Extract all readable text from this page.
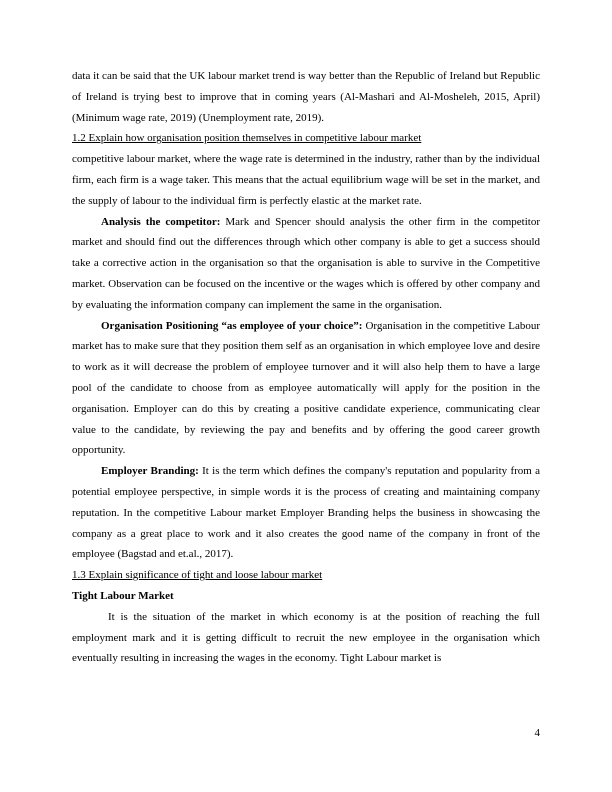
data it can be said that the UK labour market trend is way better than the Republic of Ireland but Republic of Ireland is trying best to improve that in coming years (Al-Mashari and Al-Mosheleh, 2015, April) (Minimum wage rate, 2019) (Unemployment rate, 2019).

1.2 Explain how organisation position themselves in competitive labour market

competitive labour market, where the wage rate is determined in the industry, rather than by the individual firm, each firm is a wage taker. This means that the actual equilibrium wage will be set in the market, and the supply of labour to the individual firm is perfectly elastic at the market rate.

Analysis the competitor: Mark and Spencer should analysis the other firm in the competitor market and should find out the differences through which other company is able to get a success should take a corrective action in the organisation so that the organisation is able to survive in the Competitive market. Observation can be focused on the incentive or the wages which is offered by other company and by evaluating the information company can implement the same in the organisation.

Organisation Positioning “as employee of your choice”: Organisation in the competitive Labour market has to make sure that they position them self as an organisation in which employee love and desire to work as it will decrease the problem of employee turnover and it will also help them to have a large pool of the candidate to choose from as employee automatically will apply for the position in the organisation. Employer can do this by creating a positive candidate experience, communicating clear value to the candidate, by reviewing the pay and benefits and by offering the good career growth opportunity.

Employer Branding: It is the term which defines the company's reputation and popularity from a potential employee perspective, in simple words it is the process of creating and maintaining company reputation. In the competitive Labour market Employer Branding helps the business in showcasing the company as a great place to work and it also creates the good name of the company in front of the employee (Bagstad and et.al., 2017).

1.3 Explain significance of tight and loose labour market

Tight Labour Market

It is the situation of the market in which economy is at the position of reaching the full employment mark and it is getting difficult to recruit the new employee in the organisation which eventually resulting in increasing the wages in the economy. Tight Labour market is

4
